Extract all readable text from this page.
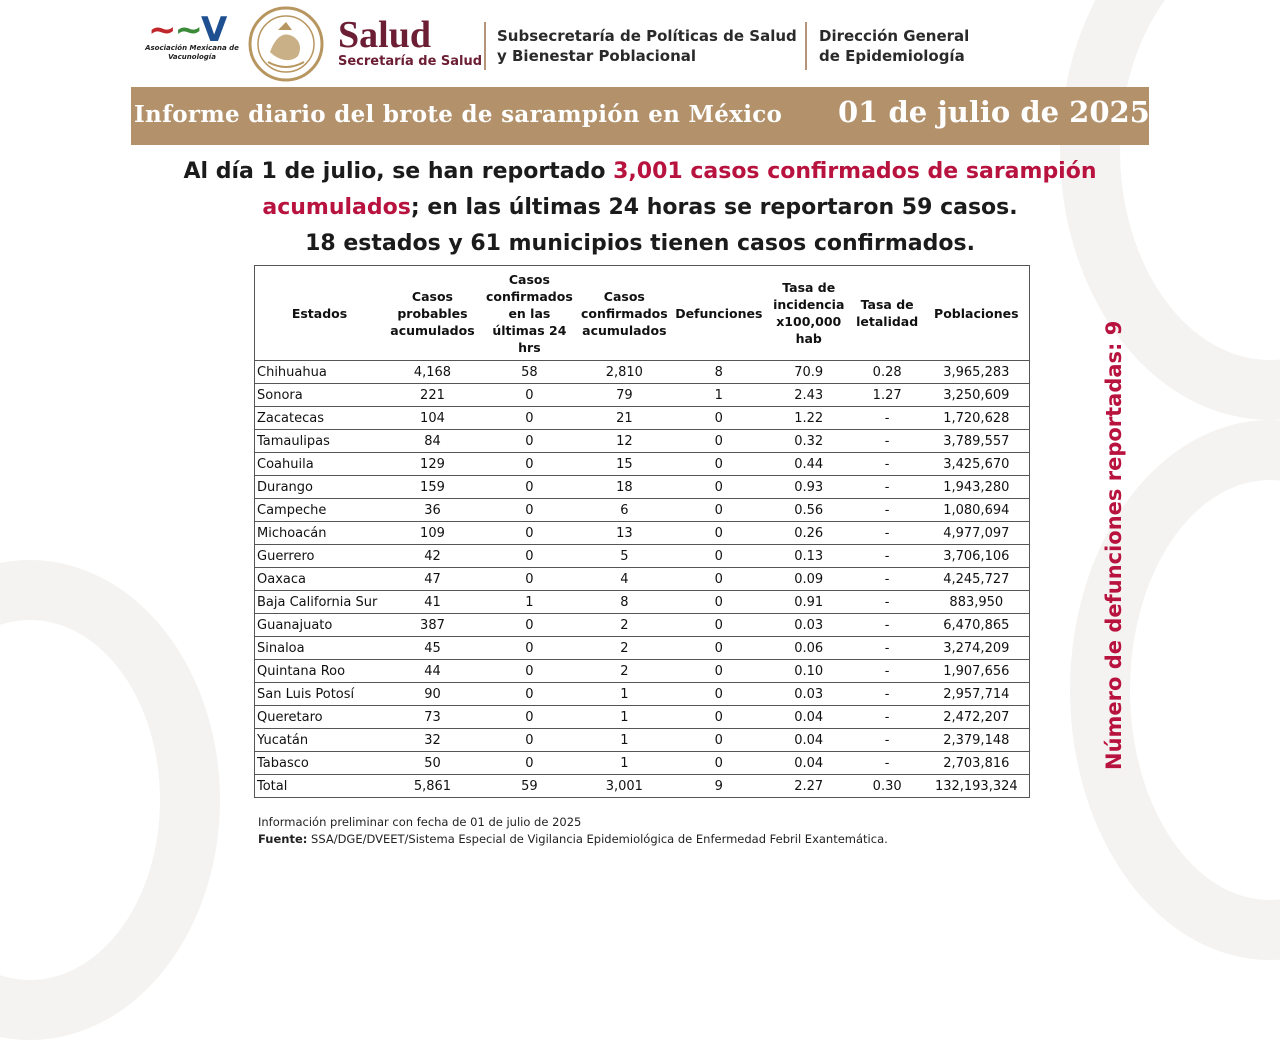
~~V
Asociación Mexicana de Vacunología
Salud
Secretaría de Salud
Subsecretaría de Políticas de Salud
y Bienestar Poblacional
Dirección General
de Epidemiología
Informe diario del brote de sarampión en México 01 de julio de 2025
Al día 1 de julio, se han reportado 3,001 casos confirmados de sarampión acumulados; en las últimas 24 horas se reportaron 59 casos.
18 estados y 61 municipios tienen casos confirmados.
Estados	Casos probables acumulados	Casos confirmados en las últimas 24 hrs	Casos confirmados acumulados	Defunciones	Tasa de incidencia x100,000 hab	Tasa de letalidad	Poblaciones
Chihuahua	4,168	58	2,810	8	70.9	0.28	3,965,283
Sonora	221	0	79	1	2.43	1.27	3,250,609
Zacatecas	104	0	21	0	1.22	-	1,720,628
Tamaulipas	84	0	12	0	0.32	-	3,789,557
Coahuila	129	0	15	0	0.44	-	3,425,670
Durango	159	0	18	0	0.93	-	1,943,280
Campeche	36	0	6	0	0.56	-	1,080,694
Michoacán	109	0	13	0	0.26	-	4,977,097
Guerrero	42	0	5	0	0.13	-	3,706,106
Oaxaca	47	0	4	0	0.09	-	4,245,727
Baja California Sur	41	1	8	0	0.91	-	883,950
Guanajuato	387	0	2	0	0.03	-	6,470,865
Sinaloa	45	0	2	0	0.06	-	3,274,209
Quintana Roo	44	0	2	0	0.10	-	1,907,656
San Luis Potosí	90	0	1	0	0.03	-	2,957,714
Queretaro	73	0	1	0	0.04	-	2,472,207
Yucatán	32	0	1	0	0.04	-	2,379,148
Tabasco	50	0	1	0	0.04	-	2,703,816
Total	5,861	59	3,001	9	2.27	0.30	132,193,324
Número de defunciones reportadas: 9
Información preliminar con fecha de 01 de julio de 2025
Fuente: SSA/DGE/DVEET/Sistema Especial de Vigilancia Epidemiológica de Enfermedad Febril Exantemática.
